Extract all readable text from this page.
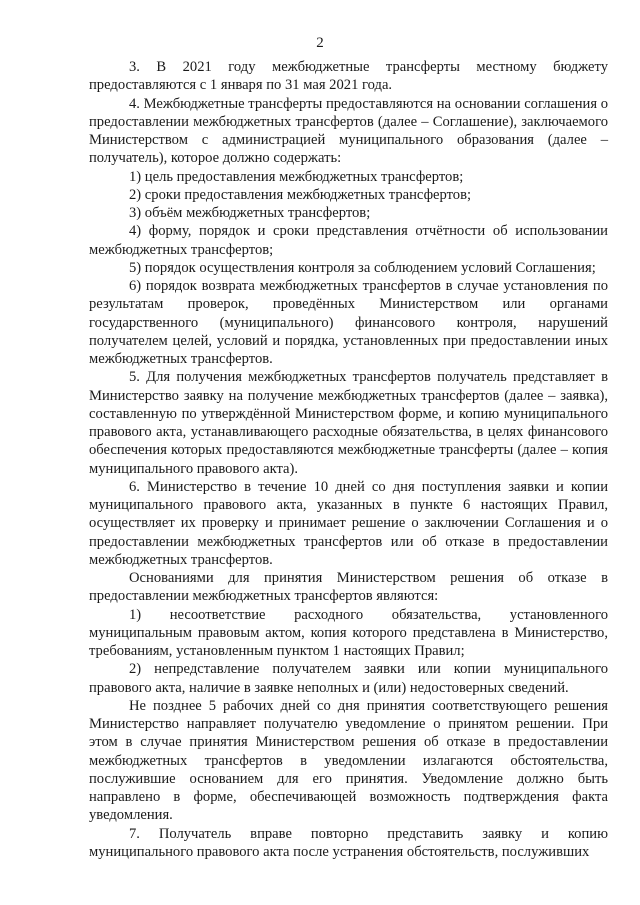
2

3. В 2021 году межбюджетные трансферты местному бюджету предоставляются с 1 января по 31 мая 2021 года.

4. Межбюджетные трансферты предоставляются на основании соглашения о предоставлении межбюджетных трансфертов (далее – Соглашение), заключаемого Министерством с администрацией муниципального образования (далее – получатель), которое должно содержать:

1) цель предоставления межбюджетных трансфертов;

2) сроки предоставления межбюджетных трансфертов;

3) объём межбюджетных трансфертов;

4) форму, порядок и сроки представления отчётности об использовании межбюджетных трансфертов;

5) порядок осуществления контроля за соблюдением условий Соглашения;

6) порядок возврата межбюджетных трансфертов в случае установления по результатам проверок, проведённых Министерством или органами государственного (муниципального) финансового контроля, нарушений получателем целей, условий и порядка, установленных при предоставлении иных межбюджетных трансфертов.

5. Для получения межбюджетных трансфертов получатель представляет в Министерство заявку на получение межбюджетных трансфертов (далее – заявка), составленную по утверждённой Министерством форме, и копию муниципального правового акта, устанавливающего расходные обязательства, в целях финансового обеспечения которых предоставляются межбюджетные трансферты (далее – копия муниципального правового акта).

6. Министерство в течение 10 дней со дня поступления заявки и копии муниципального правового акта, указанных в пункте 6 настоящих Правил, осуществляет их проверку и принимает решение о заключении Соглашения и о предоставлении межбюджетных трансфертов или об отказе в предоставлении межбюджетных трансфертов.

Основаниями для принятия Министерством решения об отказе в предоставлении межбюджетных трансфертов являются:

1) несоответствие расходного обязательства, установленного муниципальным правовым актом, копия которого представлена в Министерство, требованиям, установленным пунктом 1 настоящих Правил;

2) непредставление получателем заявки или копии муниципального правового акта, наличие в заявке неполных и (или) недостоверных сведений.

Не позднее 5 рабочих дней со дня принятия соответствующего решения Министерство направляет получателю уведомление о принятом решении. При этом в случае принятия Министерством решения об отказе в предоставлении межбюджетных трансфертов в уведомлении излагаются обстоятельства, послужившие основанием для его принятия. Уведомление должно быть направлено в форме, обеспечивающей возможность подтверждения факта уведомления.

7. Получатель вправе повторно представить заявку и копию муниципального правового акта после устранения обстоятельств, послуживших
